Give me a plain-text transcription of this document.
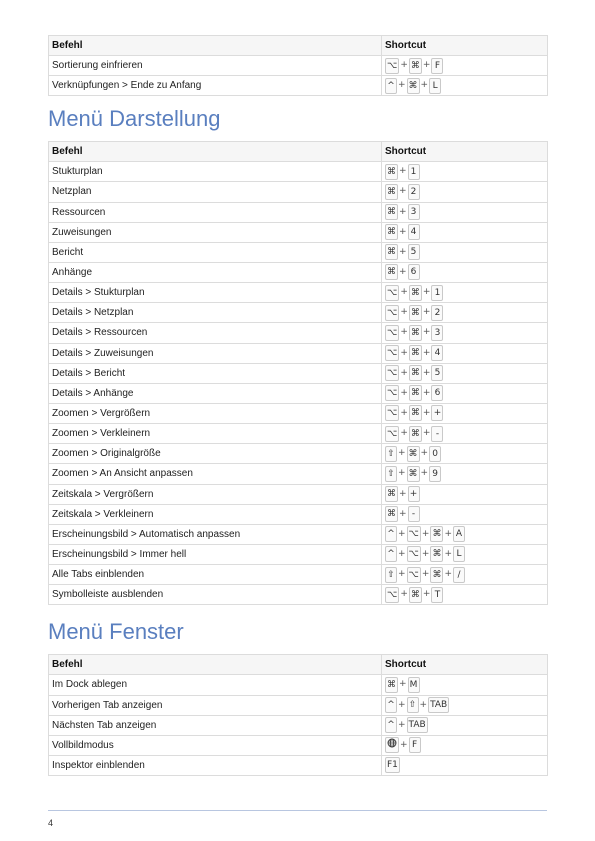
Befehl	Shortcut
Sortierung einfrieren	⌥ + ⌘ + F
Verknüpfungen > Ende zu Anfang	^ + ⌘ + L
Menü Darstellung
Befehl	Shortcut
Stukturplan	⌘ + 1
Netzplan	⌘ + 2
Ressourcen	⌘ + 3
Zuweisungen	⌘ + 4
Bericht	⌘ + 5
Anhänge	⌘ + 6
Details > Stukturplan	⌥ + ⌘ + 1
Details > Netzplan	⌥ + ⌘ + 2
Details > Ressourcen	⌥ + ⌘ + 3
Details > Zuweisungen	⌥ + ⌘ + 4
Details > Bericht	⌥ + ⌘ + 5
Details > Anhänge	⌥ + ⌘ + 6
Zoomen > Vergrößern	⌥ + ⌘ + +
Zoomen > Verkleinern	⌥ + ⌘ + -
Zoomen > Originalgröße	⇧ + ⌘ + 0
Zoomen > An Ansicht anpassen	⇧ + ⌘ + 9
Zeitskala > Vergrößern	⌘ + +
Zeitskala > Verkleinern	⌘ + -
Erscheinungsbild > Automatisch anpassen	^ + ⌥ + ⌘ + A
Erscheinungsbild > Immer hell	^ + ⌥ + ⌘ + L
Alle Tabs einblenden	⇧ + ⌥ + ⌘ + /
Symbolleiste ausblenden	⌥ + ⌘ + T
Menü Fenster
Befehl	Shortcut
Im Dock ablegen	⌘ + M
Vorherigen Tab anzeigen	^ + ⇧ + TAB
Nächsten Tab anzeigen	^ + TAB
Vollbildmodus	+ F
Inspektor einblenden	F1
4
